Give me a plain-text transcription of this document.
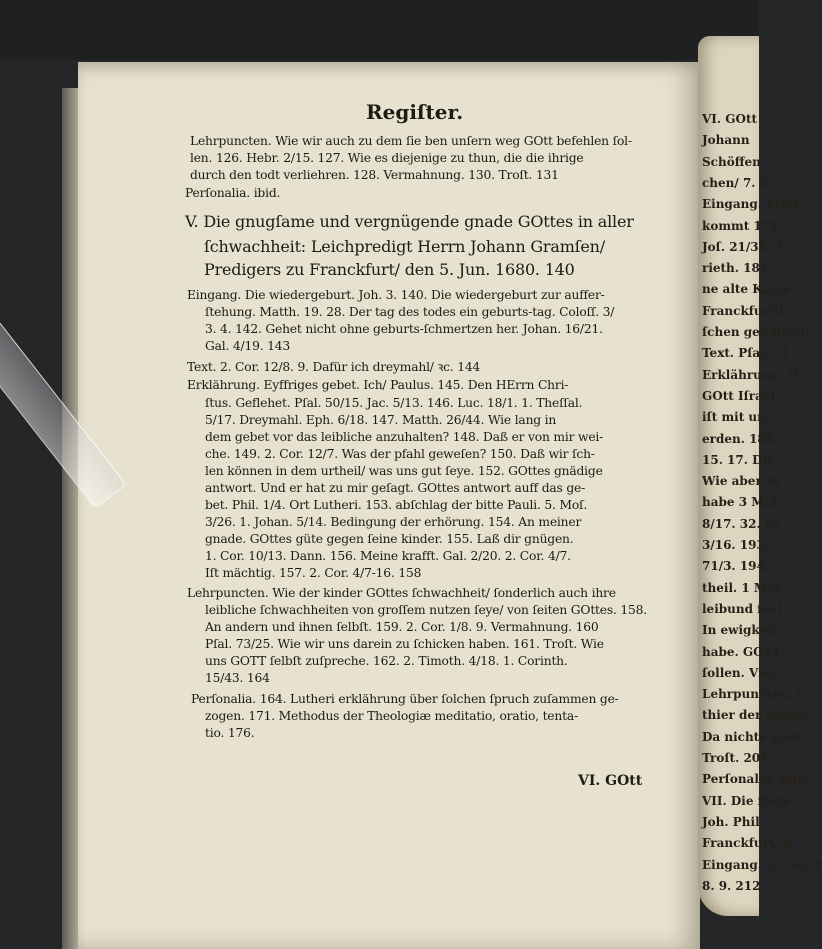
VI. GOtt
Johann
Schöffen
chen/ 7. O
Eingang. Pred.
kommt 179.
Joſ. 21/38. 1
rieth. 181.
ne alte Käyſe
Franckfurtiſ
ſchen geſchlech
Text. Pſal. 71
Erklährung. D
GOtt Iſrael
iſt mit un
erden. 188.
15. 17. Die
Wie aber m
habe 3 Moſ.
8/17. 32. Jo
3/16. 193.
71/3. 194.
theil. 1 Moſ.
leibund ſeel
In ewigkeit
habe. GOTT
ſollen. Vnt.
Lehrpuncten. G
thier der rechte.
Da nichts ande
Troſt. 204
Perſonalia. ibid.
VII. Die ſtärk
Joh. Phil
Franckfurt/ d
Eingang. 2. Cor. 4
8. 9. 212
Regiſter.
Lehrpuncten. Wie wir auch zu dem ſie ben unſern weg GOtt befehlen ſol-
len. 126. Hebr. 2/15. 127. Wie es diejenige zu thun, die die ihrige
durch den todt verliehren. 128. Vermahnung. 130. Troſt. 131
Perſonalia. ibid.
V. Die gnugſame und vergnügende gnade GOttes in aller
ſchwachheit: Leichpredigt Herrn Johann Gramſen/
Predigers zu Franckfurt/ den 5. Jun. 1680. 140
Eingang. Die wiedergeburt. Joh. 3. 140. Die wiedergeburt zur auffer-
ſtehung. Matth. 19. 28. Der tag des todes ein geburts-tag. Coloſſ. 3/
3. 4. 142. Gehet nicht ohne geburts-ſchmertzen her. Johan. 16/21.
Gal. 4/19. 143
Text. 2. Cor. 12/8. 9. Dafür ich dreymahl/ ꝛc. 144
Erklährung. Eyffriges gebet. Ich/ Paulus. 145. Den HErrn Chri-
ſtus. Geflehet. Pſal. 50/15. Jac. 5/13. 146. Luc. 18/1. 1. Theſſal.
5/17. Dreymahl. Eph. 6/18. 147. Matth. 26/44. Wie lang in
dem gebet vor das leibliche anzuhalten? 148. Daß er von mir wei-
che. 149. 2. Cor. 12/7. Was der pfahl geweſen? 150. Daß wir ſch-
len können in dem urtheil/ was uns gut ſeye. 152. GOttes gnädige
antwort. Und er hat zu mir geſagt. GOttes antwort auff das ge-
bet. Phil. 1/4. Ort Lutheri. 153. abſchlag der bitte Pauli. 5. Moſ.
3/26. 1. Johan. 5/14. Bedingung der erhörung. 154. An meiner
gnade. GOttes güte gegen ſeine kinder. 155. Laß dir gnügen.
1. Cor. 10/13. Dann. 156. Meine krafft. Gal. 2/20. 2. Cor. 4/7.
Iſt mächtig. 157. 2. Cor. 4/7-16. 158
Lehrpuncten. Wie der kinder GOttes ſchwachheit/ ſonderlich auch ihre
leibliche ſchwachheiten von groſſem nutzen ſeye/ von ſeiten GOttes. 158.
An andern und ihnen ſelbſt. 159. 2. Cor. 1/8. 9. Vermahnung. 160
Pſal. 73/25. Wie wir uns darein zu ſchicken haben. 161. Troſt. Wie
uns GOTT ſelbſt zuſpreche. 162. 2. Timoth. 4/18. 1. Corinth.
15/43. 164
Perſonalia. 164. Lutheri erklährung über ſolchen ſpruch zuſammen ge-
zogen. 171. Methodus der Theologiæ meditatio, oratio, tenta-
tio. 176.
VI. GOtt
